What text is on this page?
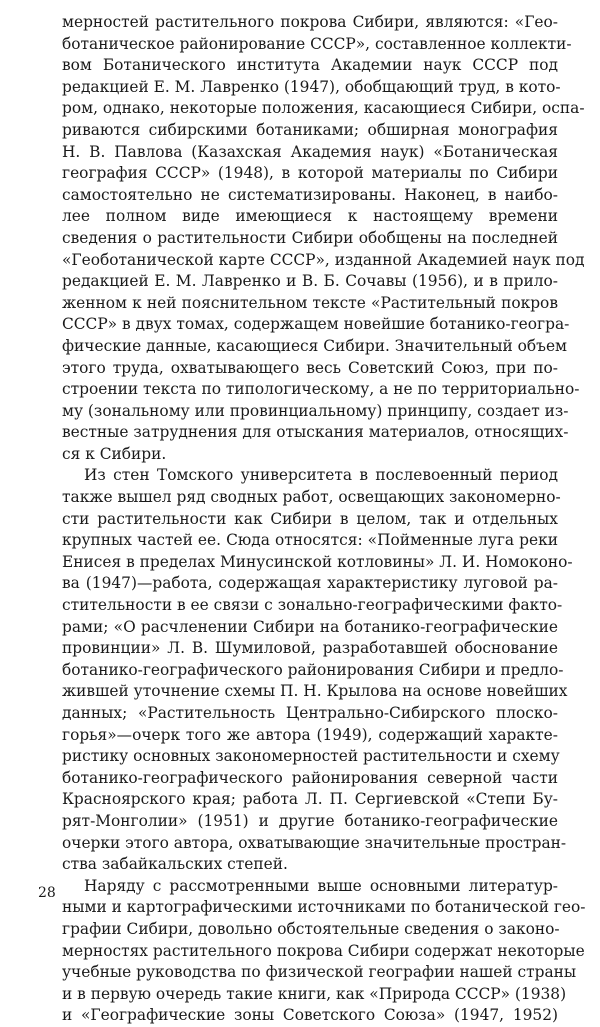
мерностей растительного покрова Сибири, являются: «Гео-
ботаническое районирование СССР», составленное коллекти-
вом Ботанического института Академии наук СССР под
редакцией Е. М. Лавренко (1947), обобщающий труд, в кото-
ром, однако, некоторые положения, касающиеся Сибири, оспа-
риваются сибирскими ботаниками; обширная монография
Н. В. Павлова (Казахская Академия наук) «Ботаническая
география СССР» (1948), в которой материалы по Сибири
самостоятельно не систематизированы. Наконец, в наибо-
лее полном виде имеющиеся к настоящему времени
сведения о растительности Сибири обобщены на последней
«Геоботанической карте СССР», изданной Академией наук под
редакцией Е. М. Лавренко и В. Б. Сочавы (1956), и в прило-
женном к ней пояснительном тексте «Растительный покров
СССР» в двух томах, содержащем новейшие ботанико-геогра-
фические данные, касающиеся Сибири. Значительный объем
этого труда, охватывающего весь Советский Союз, при по-
строении текста по типологическому, а не по территориально-
му (зональному или провинциальному) принципу, создает из-
вестные затруднения для отыскания материалов, относящих-
ся к Сибири.
Из стен Томского университета в послевоенный период
также вышел ряд сводных работ, освещающих закономерно-
сти растительности как Сибири в целом, так и отдельных
крупных частей ее. Сюда относятся: «Пойменные луга реки
Енисея в пределах Минусинской котловины» Л. И. Номоконо-
ва (1947)—работа, содержащая характеристику луговой ра-
стительности в ее связи с зонально-географическими факто-
рами; «О расчленении Сибири на ботанико-географические
провинции» Л. В. Шумиловой, разработавшей обоснование
ботанико-географического районирования Сибири и предло-
жившей уточнение схемы П. Н. Крылова на основе новейших
данных; «Растительность Центрально-Сибирского плоско-
горья»—очерк того же автора (1949), содержащий характе-
ристику основных закономерностей растительности и схему
ботанико-географического районирования северной части
Красноярского края; работа Л. П. Сергиевской «Степи Бу-
рят-Монголии» (1951) и другие ботанико-географические
очерки этого автора, охватывающие значительные простран-
ства забайкальских степей.
Наряду с рассмотренными выше основными литератур-
ными и картографическими источниками по ботанической гео-
графии Сибири, довольно обстоятельные сведения о законо-
мерностях растительного покрова Сибири содержат некоторые
учебные руководства по физической географии нашей страны
и в первую очередь такие книги, как «Природа СССР» (1938)
и «Географические зоны Советского Союза» (1947, 1952)
28
